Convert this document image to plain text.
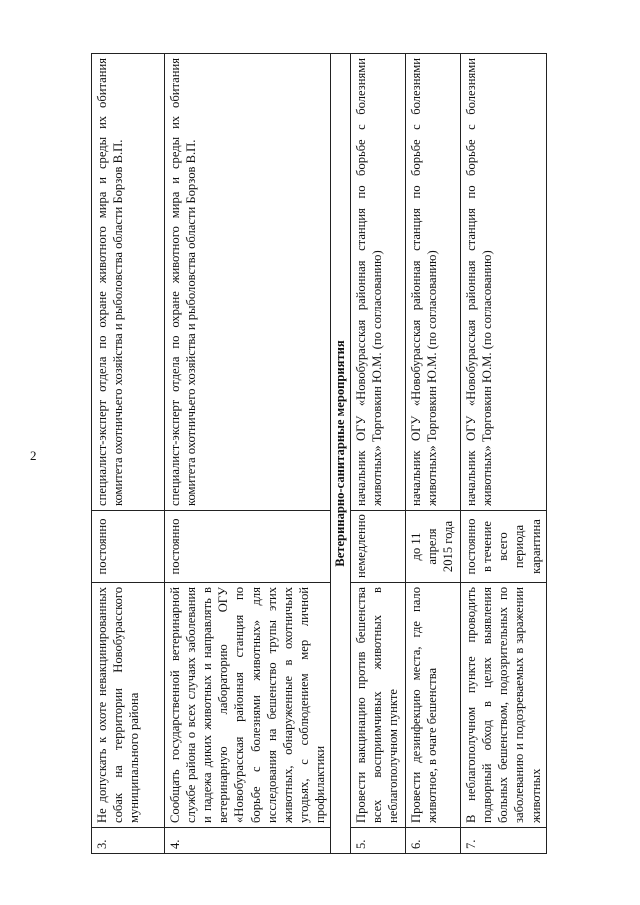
2
3.	Не допускать к охоте невакцинированных собак на территории Новобурасского муниципального района	постоянно	специалист-эксперт отдела по охране животного мира и среды их обитания комитета охотничьего хозяйства и рыболовства области Борзов В.П.
4.	Сообщать государственной ветеринарной службе района о всех случаях заболевания и падежа диких животных и направлять в ветеринарную лабораторию ОГУ «Новобурасская районная станция по борьбе с болезнями животных» для исследования на бешенство трупы этих животных, обнаруженные в охотничьих угодьях, с соблюдением мер личной профилактики	постоянно	специалист-эксперт отдела по охране животного мира и среды их обитания комитета охотничьего хозяйства и рыболовства области Борзов В.П.
Ветеринарно-санитарные мероприятия			
5.	Провести вакцинацию против бешенства всех восприимчивых животных в неблагополучном пункте	немедленно	начальник ОГУ «Новобурасская районная станция по борьбе с болезнями животных» Торговкин Ю.М. (по согласованию)
6.	Провести дезинфекцию места, где пало животное, в очаге бешенства	до 11 апреля 2015 года	начальник ОГУ «Новобурасская районная станция по борьбе с болезнями животных» Торговкин Ю.М. (по согласованию)
7.	В неблагополучном пункте проводить подворный обход в целях выявления больных бешенством, подозрительных по заболеванию и подозреваемых в заражении животных	постоянно в течение всего периода карантина	начальник ОГУ «Новобурасская районная станция по борьбе с болезнями животных» Торговкин Ю.М. (по согласованию)
